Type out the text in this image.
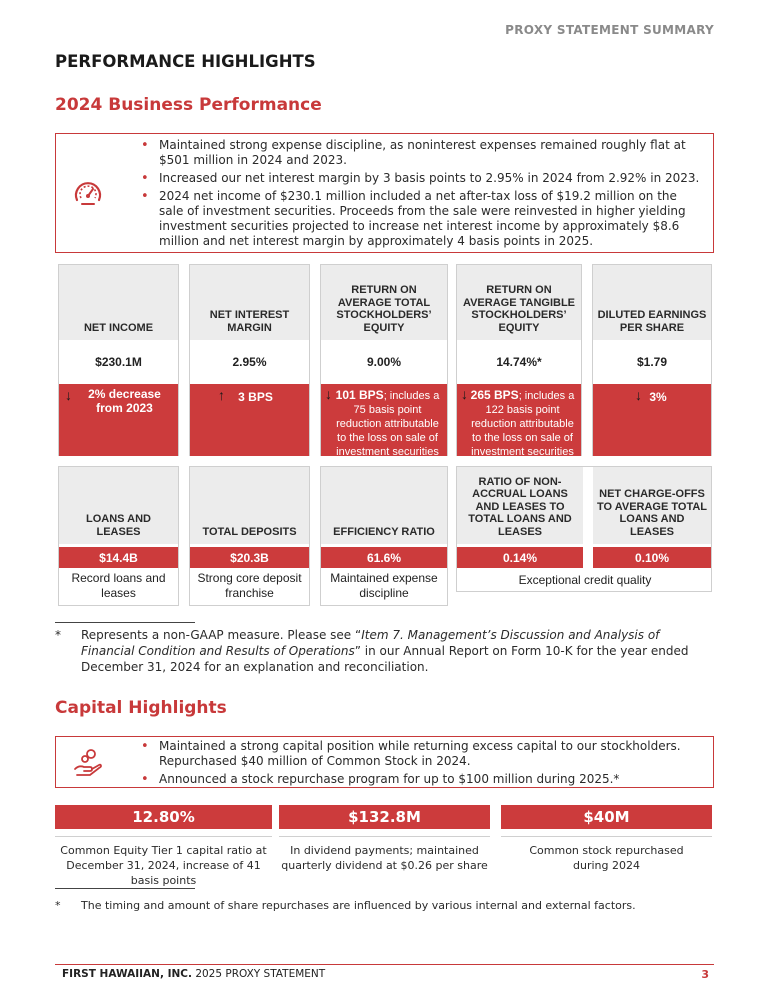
PROXY STATEMENT SUMMARY
PERFORMANCE HIGHLIGHTS
2024 Business Performance
• Maintained strong expense discipline, as noninterest expenses remained roughly flat at $501 million in 2024 and 2023.
• Increased our net interest margin by 3 basis points to 2.95% in 2024 from 2.92% in 2023.
• 2024 net income of $230.1 million included a net after-tax loss of $19.2 million on the sale of investment securities. Proceeds from the sale were reinvested in higher yielding investment securities projected to increase net interest income by approximately $8.6 million and net interest margin by approximately 4 basis points in 2025.
NET INCOME
$230.1M
↓ 2% decrease from 2023
NET INTEREST MARGIN
2.95%
↑ 3 BPS
RETURN ON AVERAGE TOTAL STOCKHOLDERS’ EQUITY
9.00%
↓ 101 BPS; includes a 75 basis point reduction attributable to the loss on sale of investment securities
RETURN ON AVERAGE TANGIBLE STOCKHOLDERS’ EQUITY
14.74%*
↓ 265 BPS; includes a 122 basis point reduction attributable to the loss on sale of investment securities
DILUTED EARNINGS PER SHARE
$1.79
↓ 3%
LOANS AND LEASES
$14.4B
Record loans and leases
TOTAL DEPOSITS
$20.3B
Strong core deposit franchise
EFFICIENCY RATIO
61.6%
Maintained expense discipline
RATIO OF NON-ACCRUAL LOANS AND LEASES TO TOTAL LOANS AND LEASES
0.14%
NET CHARGE-OFFS TO AVERAGE TOTAL LOANS AND LEASES
0.10%
Exceptional credit quality
*	Represents a non-GAAP measure. Please see “Item 7. Management’s Discussion and Analysis of Financial Condition and Results of Operations” in our Annual Report on Form 10-K for the year ended December 31, 2024 for an explanation and reconciliation.
Capital Highlights
• Maintained a strong capital position while returning excess capital to our stockholders. Repurchased $40 million of Common Stock in 2024.
• Announced a stock repurchase program for up to $100 million during 2025.*
12.80%
Common Equity Tier 1 capital ratio at December 31, 2024, increase of 41 basis points
$132.8M
In dividend payments; maintained quarterly dividend at $0.26 per share
$40M
Common stock repurchased during 2024
*	The timing and amount of share repurchases are influenced by various internal and external factors.
FIRST HAWAIIAN, INC. 2025 PROXY STATEMENT	3
